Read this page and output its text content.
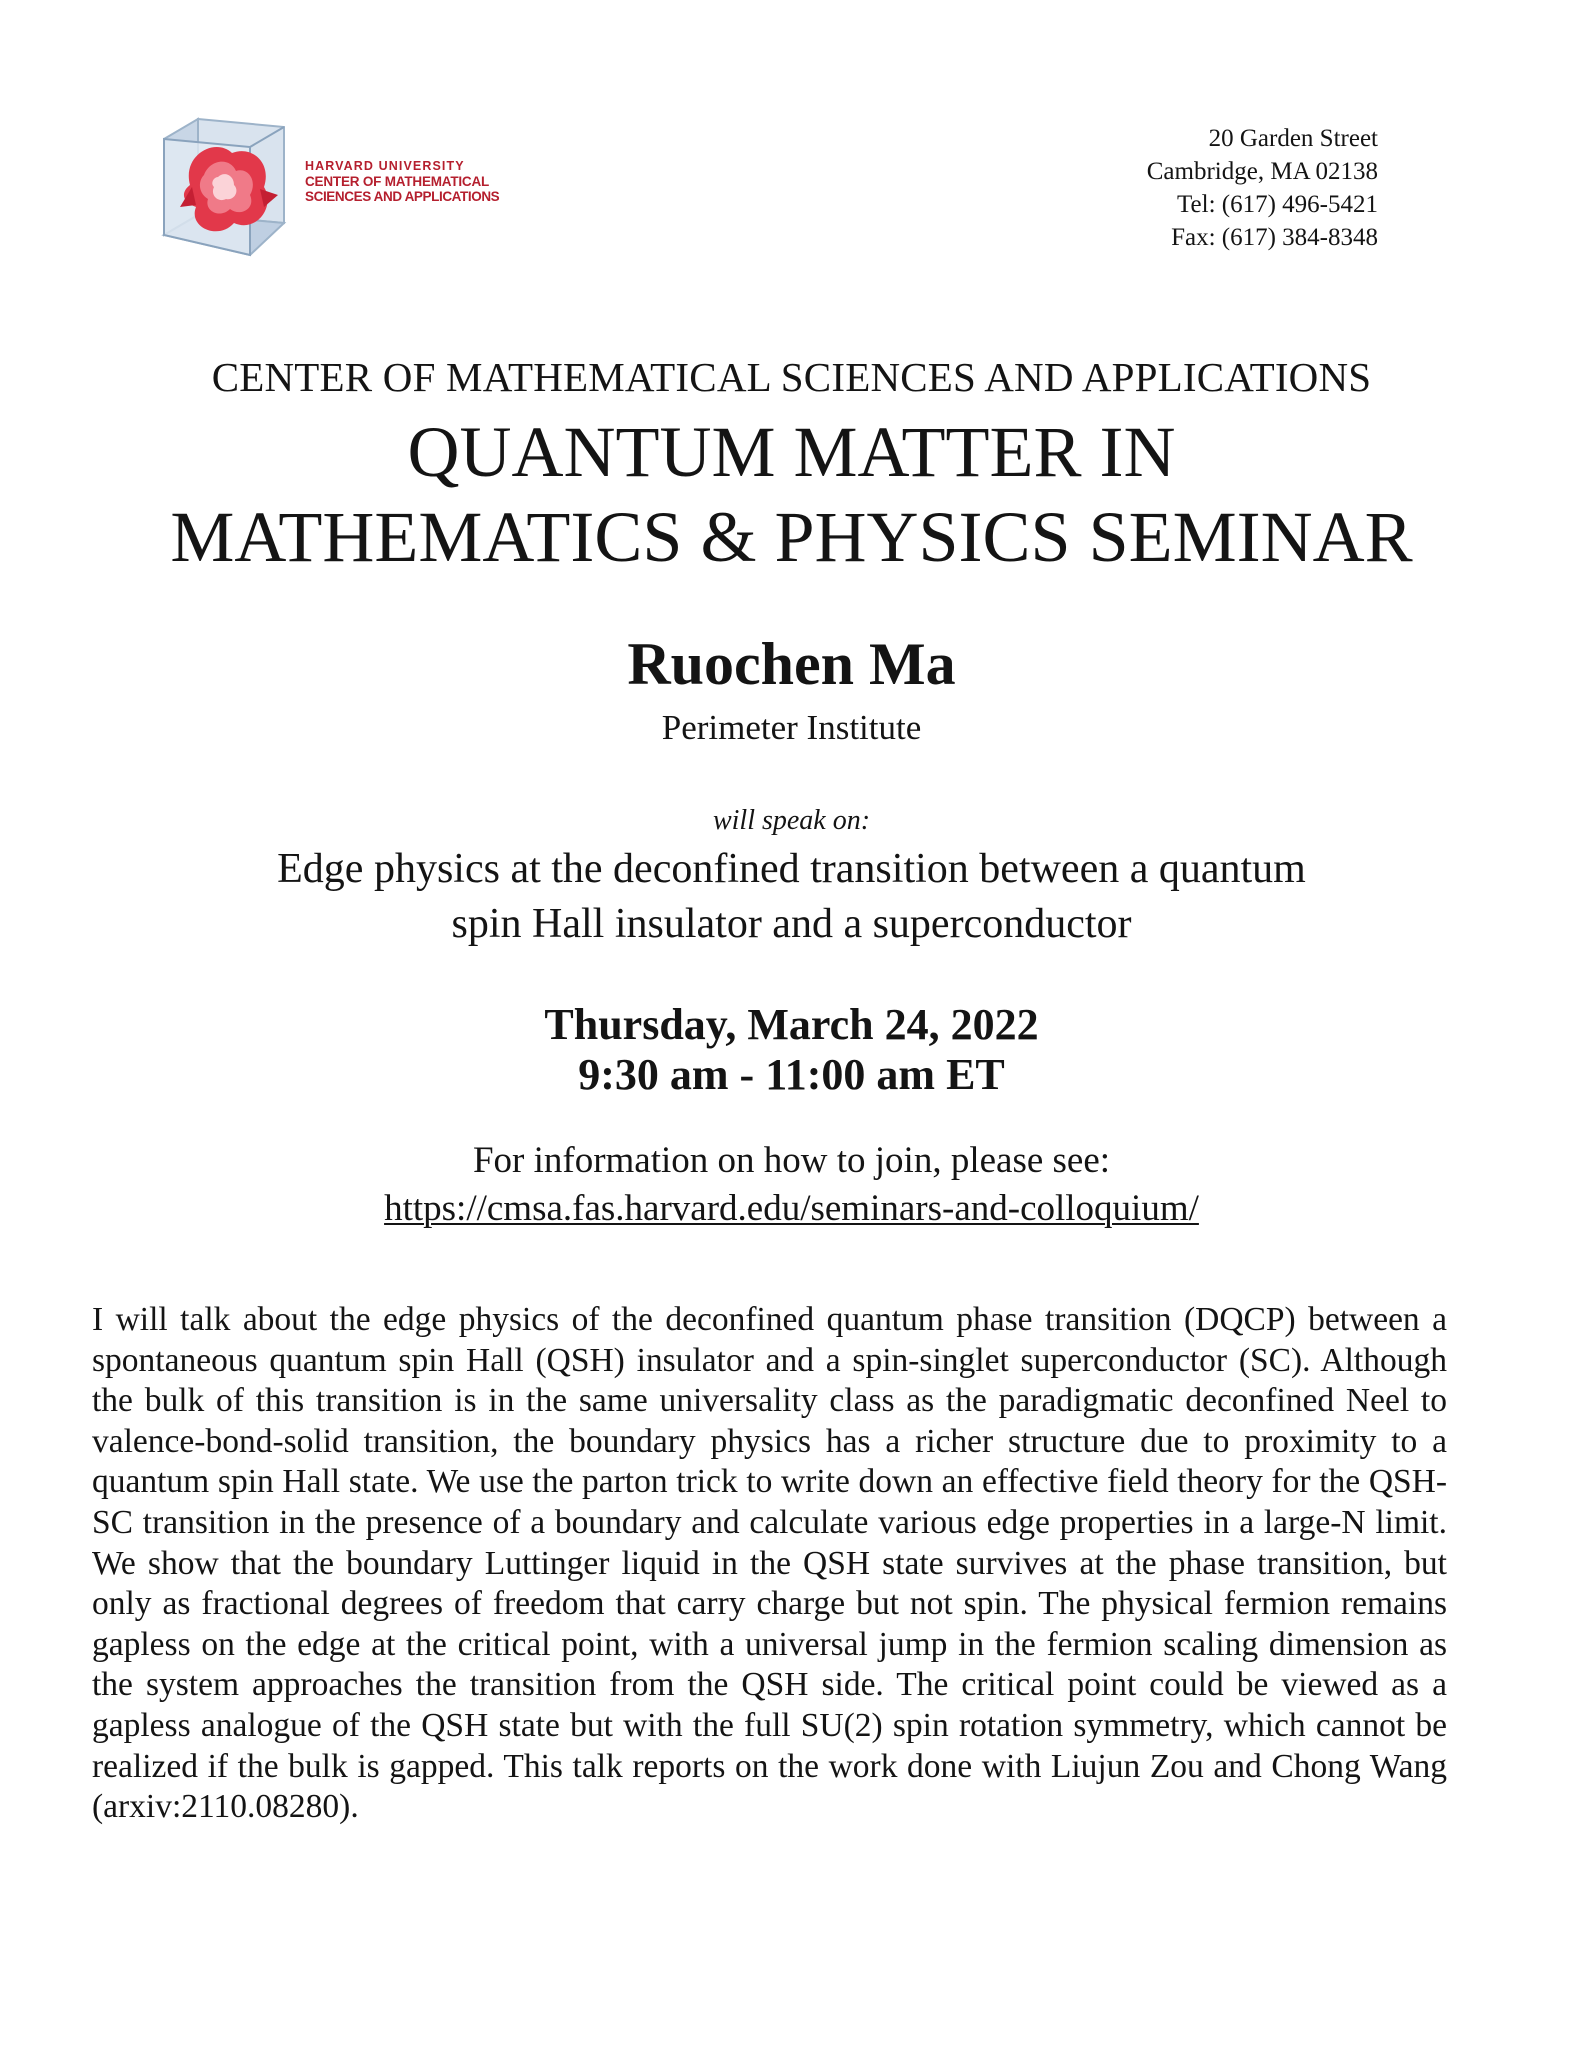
HARVARD UNIVERSITY
CENTER OF MATHEMATICAL
SCIENCES AND APPLICATIONS
20 Garden Street
Cambridge, MA 02138
Tel: (617) 496-5421
Fax: (617) 384-8348
CENTER OF MATHEMATICAL SCIENCES AND APPLICATIONS
QUANTUM MATTER IN
MATHEMATICS & PHYSICS SEMINAR
Ruochen Ma
Perimeter Institute
will speak on:
Edge physics at the deconfined transition between a quantum
spin Hall insulator and a superconductor
Thursday, March 24, 2022
9:30 am - 11:00 am ET
For information on how to join, please see:
https://cmsa.fas.harvard.edu/seminars-and-colloquium/

I will talk about the edge physics of the deconfined quantum phase transition (DQCP) between a spontaneous quantum spin Hall (QSH) insulator and a spin-singlet superconductor (SC). Although the bulk of this transition is in the same universality class as the paradigmatic deconfined Neel to valence-bond-solid transition, the boundary physics has a richer structure due to proximity to a quantum spin Hall state. We use the parton trick to write down an effective field theory for the QSH-SC transition in the presence of a boundary and calculate various edge properties in a large-N limit. We show that the boundary Luttinger liquid in the QSH state survives at the phase transition, but only as fractional degrees of freedom that carry charge but not spin. The physical fermion remains gapless on the edge at the critical point, with a universal jump in the fermion scaling dimension as the system approaches the transition from the QSH side. The critical point could be viewed as a gapless analogue of the QSH state but with the full SU(2) spin rotation symmetry, which cannot be realized if the bulk is gapped. This talk reports on the work done with Liujun Zou and Chong Wang (arxiv:2110.08280).
